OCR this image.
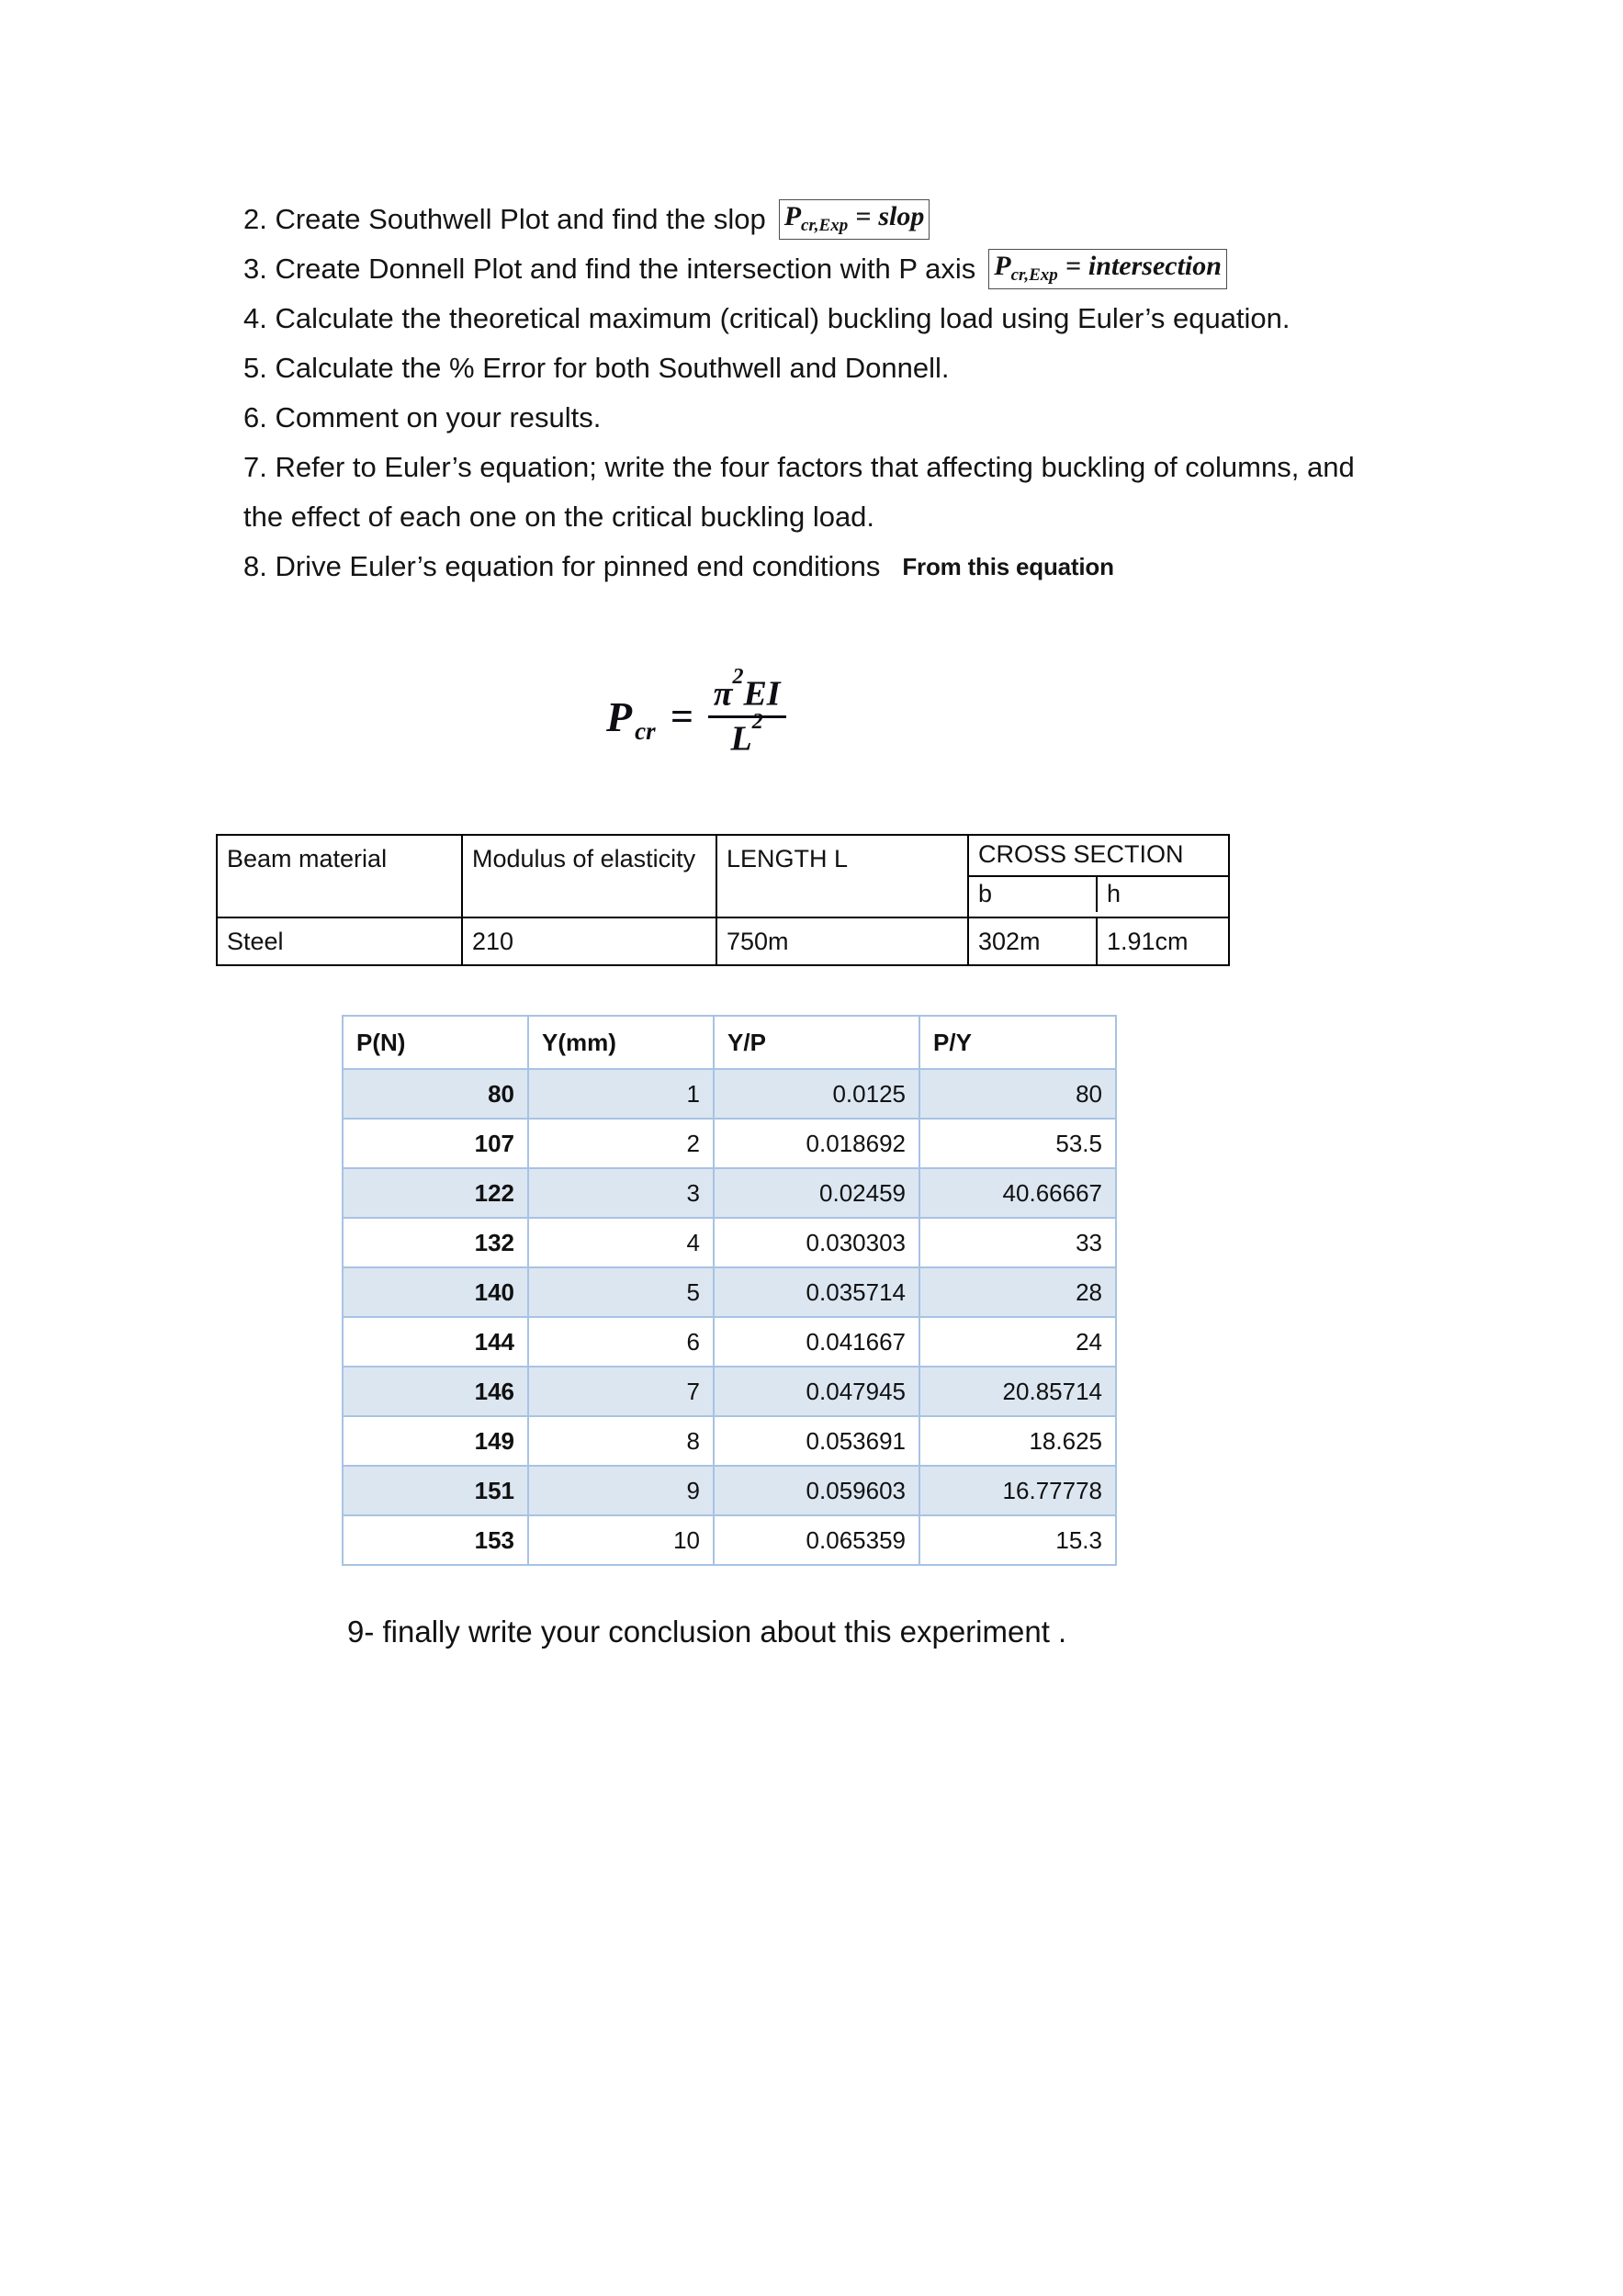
2. Create Southwell Plot and find the slop P cr,Exp = slop
3. Create Donnell Plot and find the intersection with P axis P cr,Exp = intersection
4. Calculate the theoretical maximum (critical) buckling load using Euler’s equation.
5. Calculate the % Error for both Southwell and Donnell.
6. Comment on your results.
7. Refer to Euler’s equation; write the four factors that affecting buckling of columns, and the effect of each one on the critical buckling load.
8. Drive Euler’s equation for pinned end conditions From this equation
P cr = $\frac{\pi^2EI}{L^2}$
Beam material	Modulus of elasticity	LENGTH L	CROSS SECTION
b h	

Steel	210	750m	302m	1.91cm
P(N)	Y(mm)	Y/P	P/Y
80	1	0.0125	80
107	2	0.018692	53.5
122	3	0.02459	40.66667
132	4	0.030303	33
140	5	0.035714	28
144	6	0.041667	24
146	7	0.047945	20.85714
149	8	0.053691	18.625
151	9	0.059603	16.77778
153	10	0.065359	15.3
9- finally write your conclusion about this experiment .
